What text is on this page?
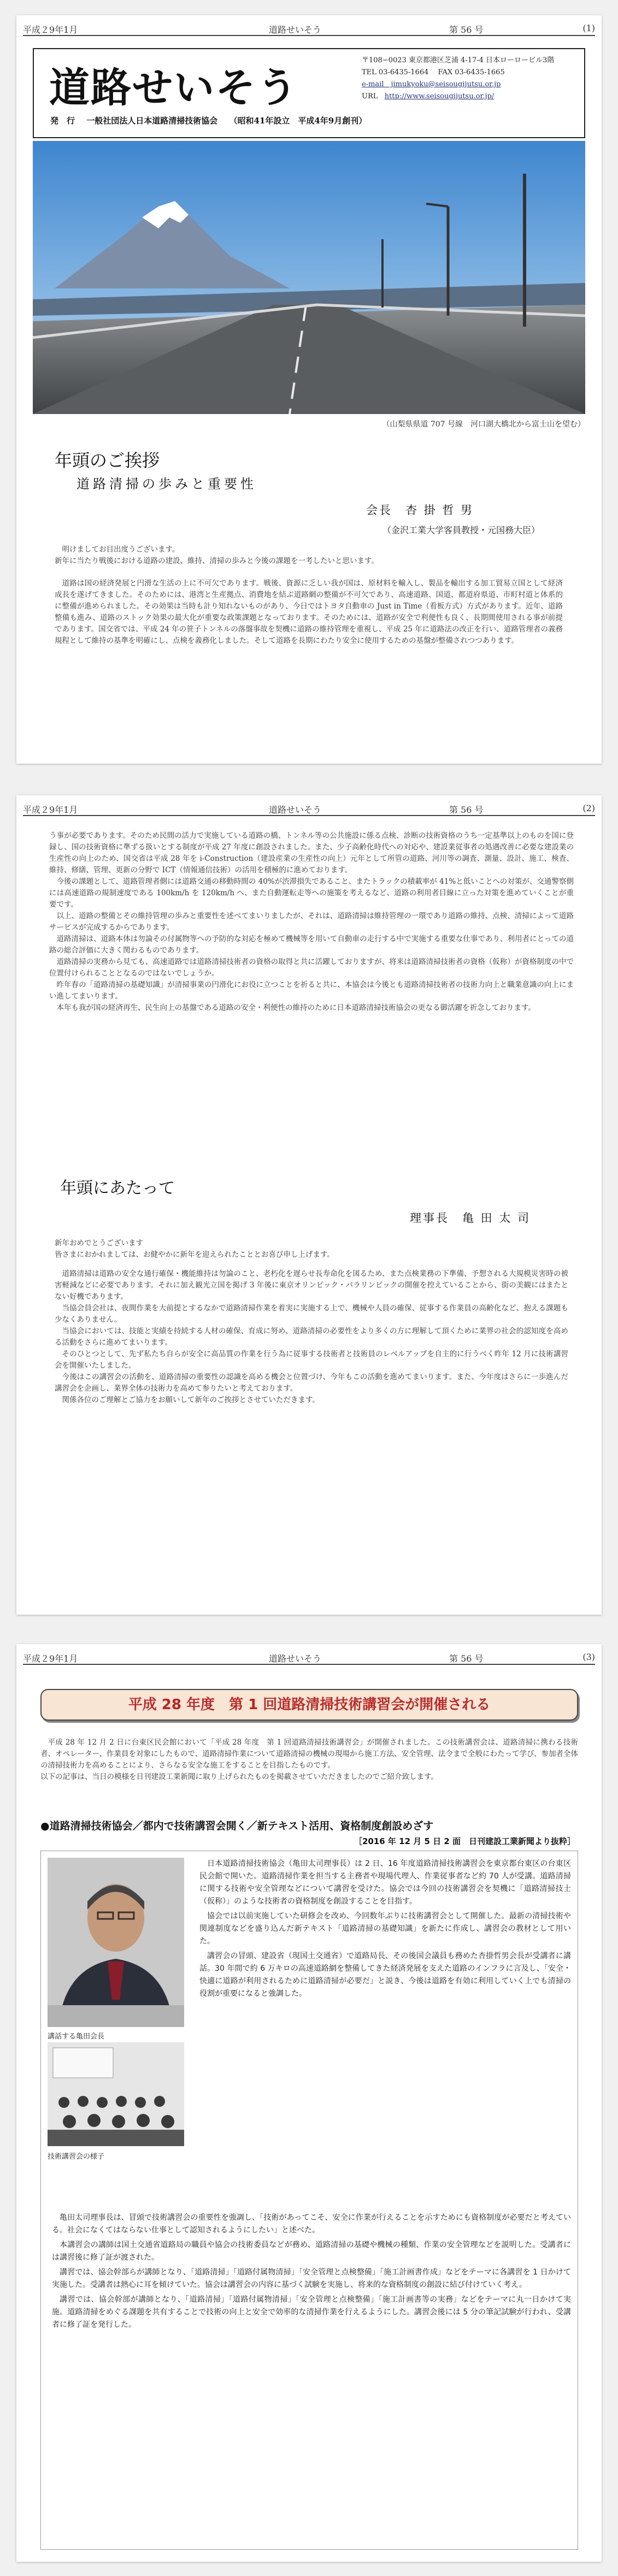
平成２9年1月	道路せいそう	第 56 号	(1)
道路せいそう
〒108−0023 東京都港区芝浦 4-17-4 日本ローロービル3階
TEL 03-6435-1664　 FAX 03-6435-1665
e-mail　jimukyoku@seisougijutsu.or.jp
URL http://www.seisougijutsu.or.jp/
発　行 一般社団法人日本道路清掃技術協会 （昭和41年設立　平成4年9月創刊）
（山梨県県道 707 号線　河口湖大橋北から富士山を望む）
年頭のご挨拶
道路清掃の歩みと重要性
会長　杏 掛 哲 男
（金沢工業大学客員教授・元国務大臣）
明けましてお目出度うございます。
新年に当たり戦後における道路の建設、維持、清掃の歩みと今後の課題を一考したいと思います。
道路は国の経済発展と円滑な生活の上に不可欠であります。戦後、資源に乏しい我が国は、原材料を輸入し、製品を輸出する加工貿易立国として経済成長を遂げてきました。そのためには、港湾と生産拠点、消費地を結ぶ道路網の整備が不可欠であり、高速道路、国道、都道府県道、市町村道と体系的に整備が進められました。その効果は当時も計り知れないものがあり、今日ではトヨタ自動車の Just in Time（看板方式）方式があります。近年、道路整備も進み、道路のストック効果の最大化が重要な政策課題となっております。そのためには、道路が安全で利便性も良く、長期間使用される事が前提であります。国交省では、平成 24 年の笹子トンネルの落盤事故を契機に道路の維持管理を重視し、平成 25 年に道路法の改正を行い、道路管理者の義務規程として維持の基準を明確にし、点検を義務化しました。そして道路を長期にわたり安全に使用するための基盤が整備されつつあります。
平成２9年1月	道路せいそう	第 56 号	(2)

う事が必要であります。そのため民間の活力で実施している道路の橋、トンネル等の公共施設に係る点検、診断の技術資格のうち一定基準以上のものを国に登録し、国の技術資格に準ずる扱いとする制度が平成 27 年度に創設されました。また、少子高齢化時代への対応や、建設業従事者の処遇改善に必要な建設業の生産性の向上のため、国交省は平成 28 年を i-Construction（建設産業の生産性の向上）元年として所管の道路、河川等の調査、測量、設計、施工、検査、維持、修繕、管理、更新の分野で ICT（情報通信技術）の活用を積極的に進めております。

今後の課題として、道路管理者側には道路交通の移動時間の 40%が渋滞損失であること、またトラックの積載率が 41%と低いことへの対策が、交通警察側には高速道路の規制速度である 100km/h を 120km/h へ、また自動運転走等への施策を考えるなど、道路の利用者目線に立った対策を進めていくことが重要です。

以上、道路の整備とその維持管理の歩みと重要性を述べてまいりましたが、それは、道路清掃は維持管理の一環であり道路の維持、点検、清掃によって道路サービスが完成するからであります。

道路清掃は、道路本体は勿論その付属物等への予防的な対応を極めて機械等を用いて自動車の走行する中で実施する重要な仕事であり、利用者にとっての道路の総合評価に大きく関わるものであります。

道路清掃の実務から見ても、高速道路では道路清掃技術者の資格の取得と共に活躍しておりますが、将来は道路清掃技術者の資格（仮称）が資格制度の中で位置付けられることとなるのではないでしょうか。

昨年春の「道路清掃の基礎知識」が清掃事業の円滑化にお役に立つことを祈ると共に、本協会は今後とも道路清掃技術者の技術力向上と職業意識の向上にまい進してまいります。

本年も我が国の経済再生、民生向上の基盤である道路の安全・利便性の維持のために日本道路清掃技術協会の更なる御活躍を祈念しております。

年頭にあたって
理事長　亀 田 太 司

新年おめでとうございます
皆さまにおかれましては、お健やかに新年を迎えられたこととお喜び申し上げます。

道路清掃は道路の安全な通行確保・機能維持は勿論のこと、老朽化を遅らせ長寿命化を図るため、また点検業務の下準備、予想される大規模災害時の被害軽減などに必要であります。それに加え観光立国を掲げ 3 年後に東京オリンピック・パラリンピックの開催を控えていることから、街の美観にはまたとない好機であります。

当協会員会社は、夜間作業を大前提とするなかで道路清掃作業を着実に実施する上で、機械や人員の確保、従事する作業員の高齢化など、抱える課題も少なくありません。

当協会においては、技能と実績を持続する人材の確保、育成に努め、道路清掃の必要性をより多くの方に理解して頂くために業界の社会的認知度を高める活動をさらに進めてまいります。

そのひとつとして、先ず私たち自らが安全に高品質の作業を行う為に従事する技術者と技術員のレベルアップを自主的に行うべく昨年 12 月に技術講習会を開催いたしました。

今後はこの講習会の活動を、道路清掃の重要性の認識を高める機会と位置づけ、今年もこの活動を進めてまいります。また、今年度はさらに一歩進んだ講習会を企画し、業界全体の技術力を高めて参りたいと考えております。

関係各位のご理解とご協力をお願いして新年のご挨拶とさせていただきます。

平成２9年1月	道路せいそう	第 56 号	(3)
平成 28 年度　第 1 回道路清掃技術講習会が開催される
平成 28 年 12 月 2 日に台東区民会館において「平成 28 年度　第 1 回道路清掃技術講習会」が開催されました。この技術講習会は、道路清掃に携わる技術者、オペレーター、作業員を対象にしたもので、道路清掃作業について道路清掃の機械の現場から施工方法、安全管理、法令まで全般にわたって学び、参加者全体の清掃技術力を高めることにより、さらなる安全な施工をすることを目指したものです。
以下の記事は、当日の模様を日刊建設工業新聞に取り上げられたものを掲載させていただきましたのでご紹介致します。
●道路清掃技術協会／都内で技術講習会開く／新テキスト活用、資格制度創設めざす
［2016 年 12 月 5 日 2 面　日刊建設工業新聞より抜粋］
講話する亀田会長
技術講習会の様子

日本道路清掃技術協会（亀田太司理事長）は 2 日、16 年度道路清掃技術講習会を東京都台東区の台東区民会館で開いた。道路清掃作業を担当する主務者や現場代理人、作業従事者など約 70 人が受講。道路清掃に関する技術や安全管理などについて講習を受けた。協会では今回の技術講習会を契機に「道路清掃技士（仮称）」のような技術者の資格制度を創設することを目指す。

協会では以前実施していた研修会を改め、今回数年ぶりに技術講習会として開催した。最新の清掃技術や関連制度などを盛り込んだ新テキスト「道路清掃の基礎知識」を新たに作成し、講習会の教材として用いた。

講習会の冒頭、建設省（現国土交通省）で道路局長、その後国会議員も務めた杏掛哲男会長が受講者に講話。30 年間で約 6 万キロの高速道路網を整備してきた経済発展を支えた道路のインフラに言及し、「安全・快適に道路が利用されるために道路清掃が必要だ」と説き、今後は道路を有効に利用していく上でも清掃の役割が重要になると強調した。

亀田太司理事長は、冒頭で技術講習会の重要性を強調し、「技術があってこそ、安全に作業が行えることを示すためにも資格制度が必要だと考えている。社会になくてはならない仕事として認知されるようにしたい」と述べた。

本講習会の講師は国土交通省道路局の職員や協会の技術委員などが務め、道路清掃の基礎や機械の種類、作業の安全管理などを説明した。受講者には講習後に修了証が渡された。

講習では、協会幹部らが講師となり、「道路清掃」「道路付属物清掃」「安全管理と点検整備」「施工計画書作成」などをテーマに各講習を 1 日かけて実施した。受講者は熱心に耳を傾けていた。協会は講習会の内容に基づく試験を実施し、将来的な資格制度の創設に結び付けていく考え。

講習では、協会幹部が講師となり、「道路清掃」「道路付属物清掃」「安全管理と点検整備」「施工計画書等の実務」などをテーマに丸一日かけて実施。道路清掃をめぐる課題を共有することで技術の向上と安全で効率的な清掃作業を行えるようにした。講習会後には 5 分の筆記試験が行われ、受講者に修了証を発行した。
